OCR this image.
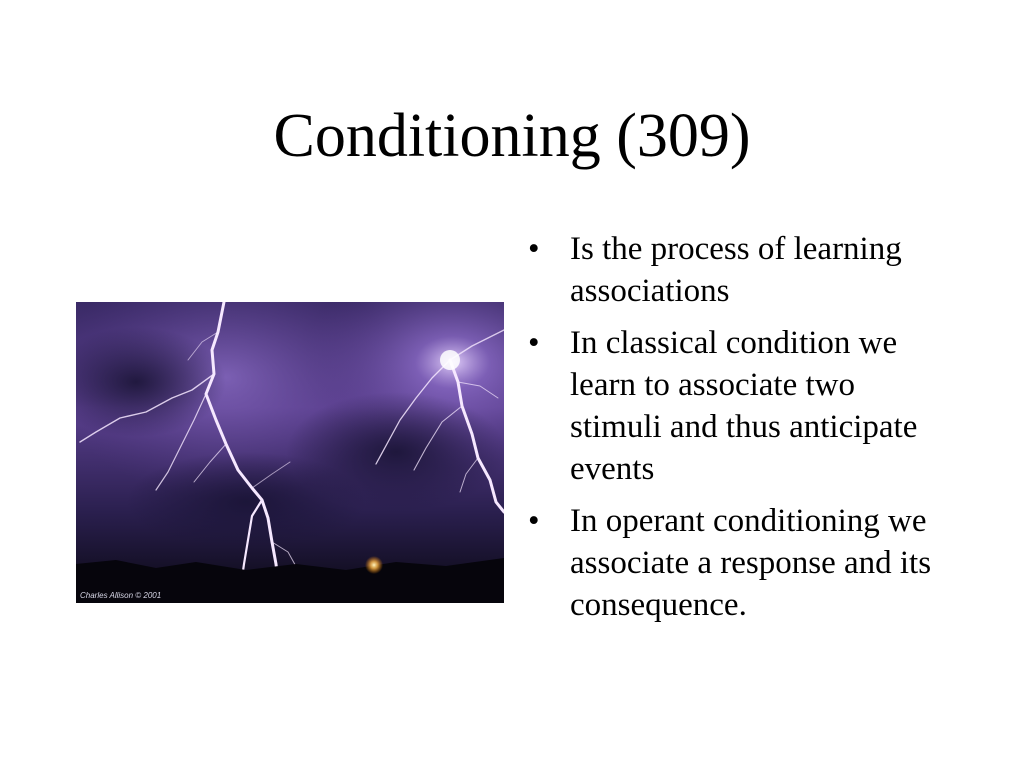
Conditioning (309)
Charles Allison © 2001
• Is the process of learning associations
• In classical condition we learn to associate two stimuli and thus anticipate events
• In operant conditioning we associate a response and its consequence.
